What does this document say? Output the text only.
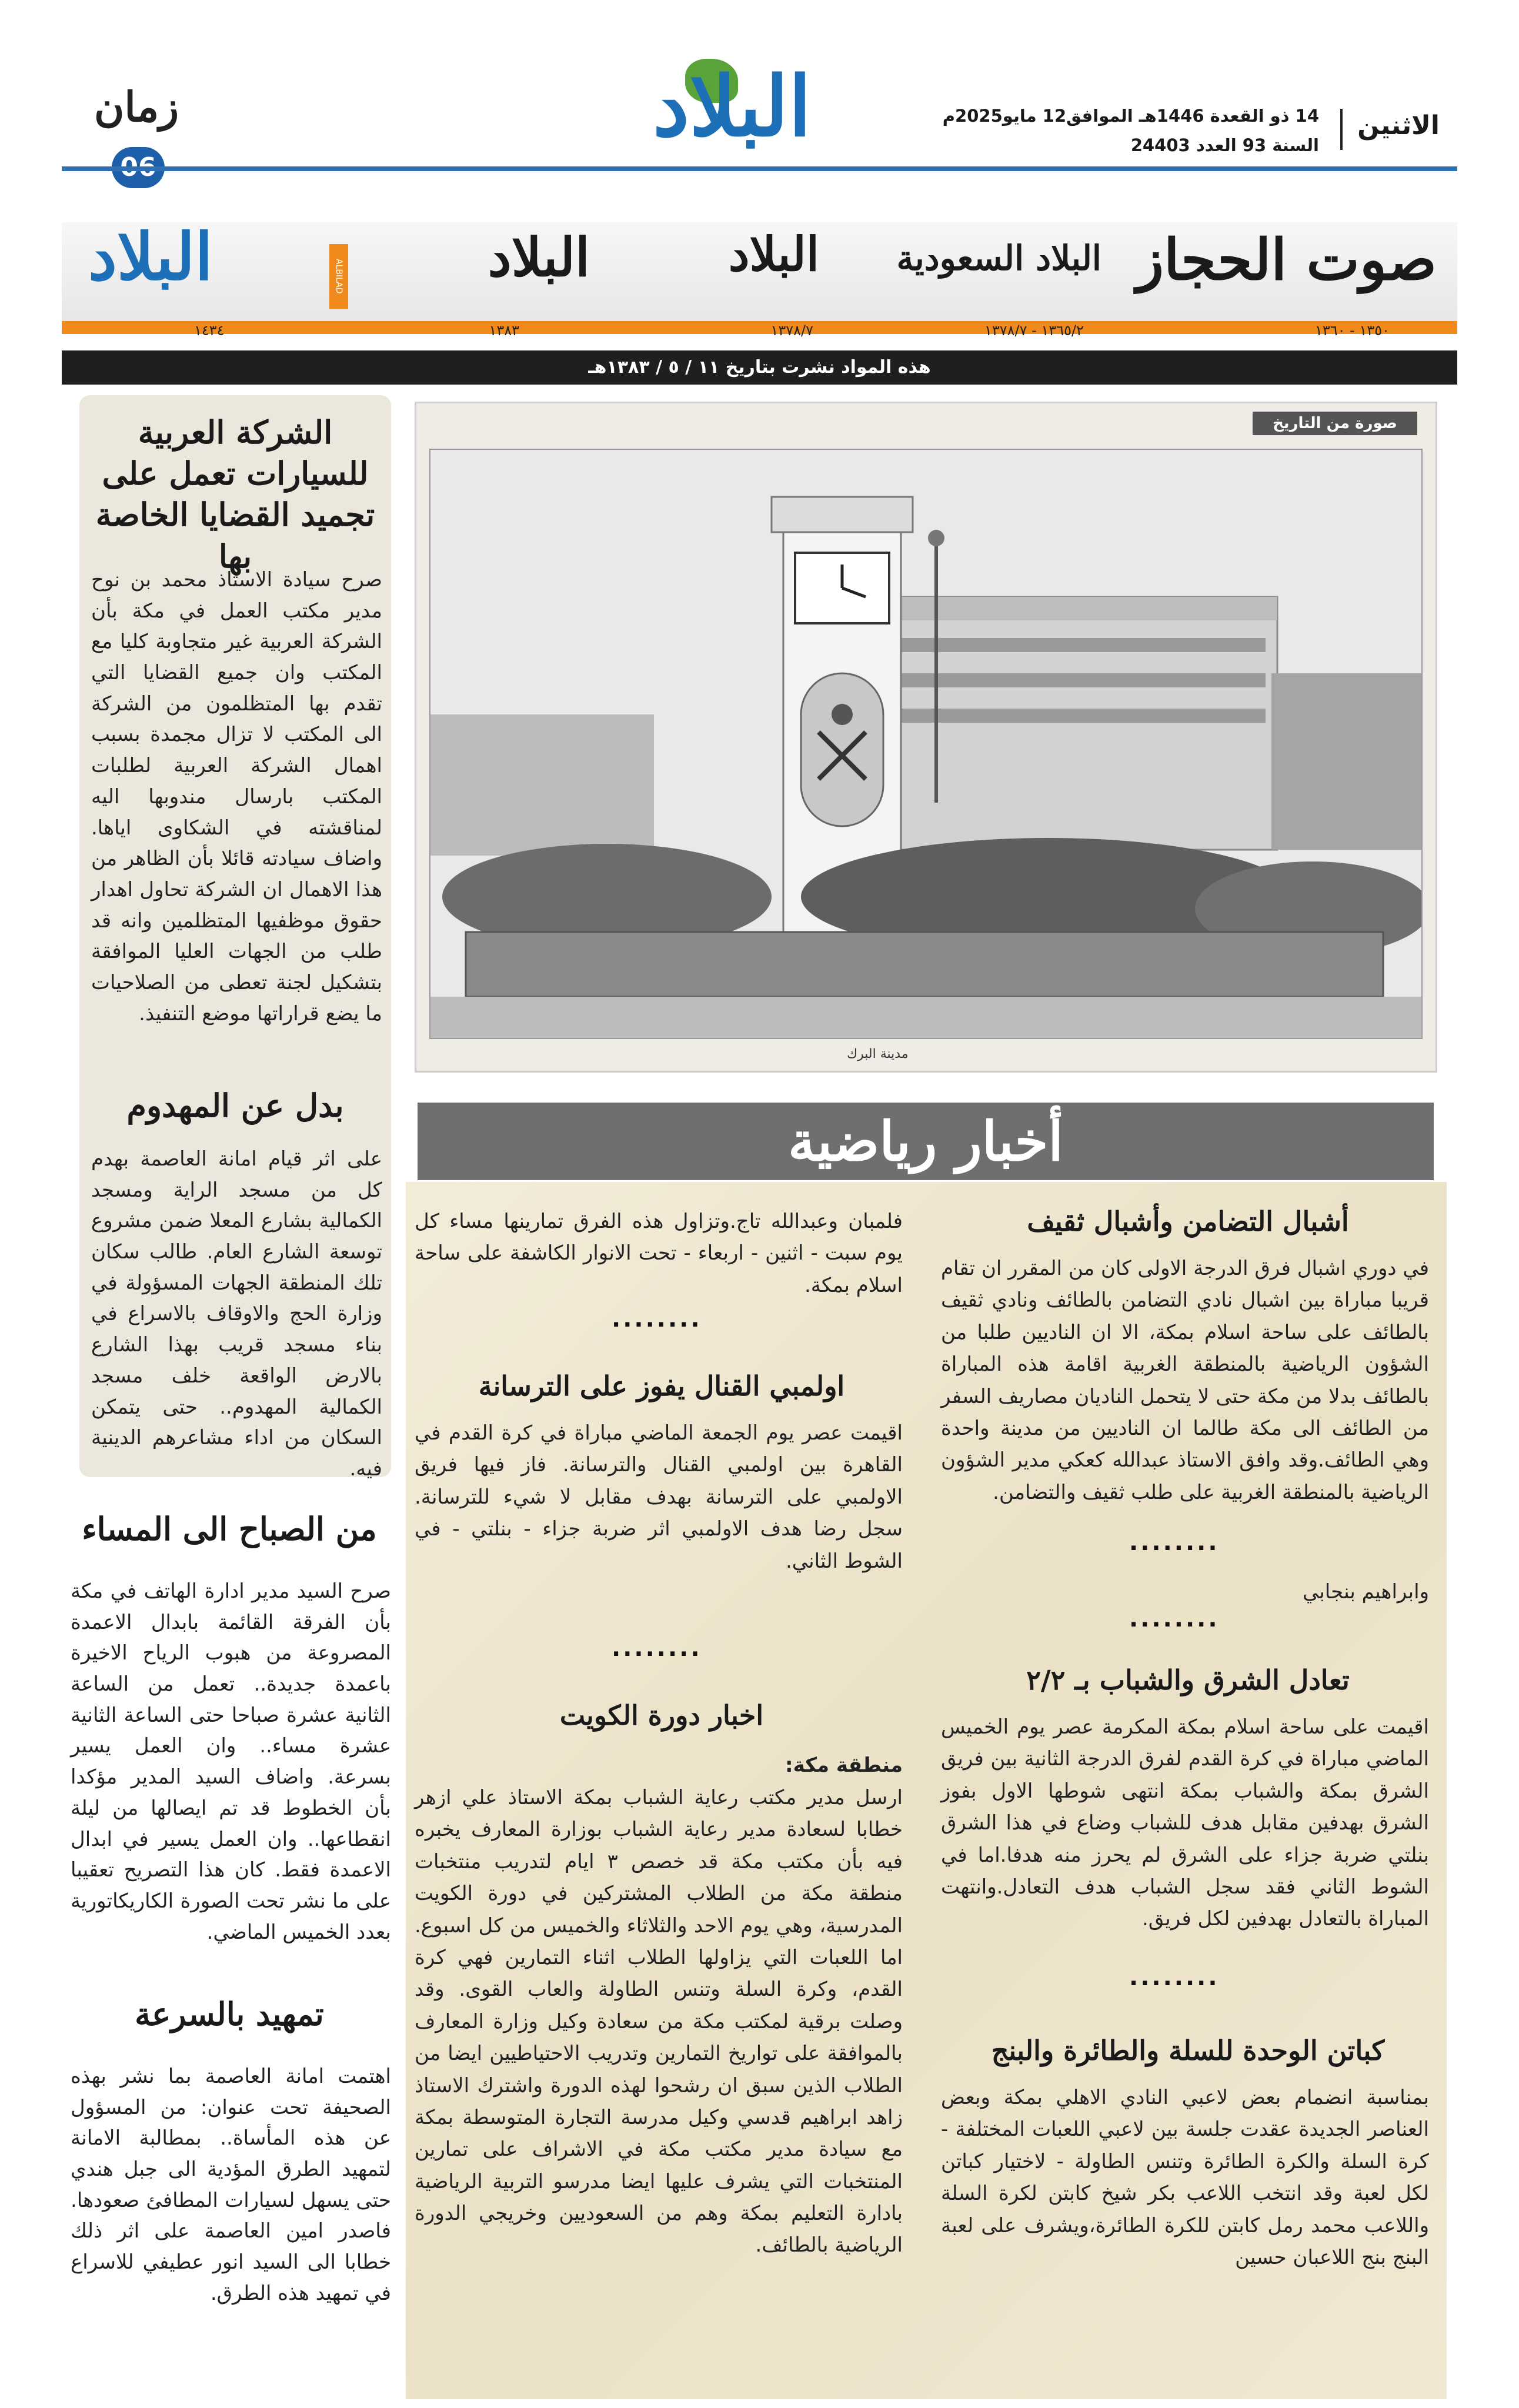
الاثنين
14 ذو القعدة 1446هـ الموافق12 مايو2025م
السنة 93 العدد 24403
البلاد
زمان
صوت الحجاز
البلاد السعودية
البلاد
البلاد
البلاد	ALBILAD
١٣٥٠ - ١٣٦٠
١٣٦٥/٢ - ١٣٧٨/٧
١٣٧٨/٧
١٣٨٣
١٤٣٤
هذه المواد نشرت بتاريخ ١١ / ٥ / ١٣٨٣هـ
الشركة العربية للسيارات تعمل على تجميد القضايا الخاصة بها
صرح سيادة الاستاذ محمد بن نوح مدير مكتب العمل في مكة بأن الشركة العربية غير متجاوبة كليا مع المكتب وان جميع القضايا التي تقدم بها المتظلمون من الشركة الى المكتب لا تزال مجمدة بسبب اهمال الشركة العربية لطلبات المكتب بارسال مندوبها اليه لمناقشته في الشكاوى اياها. واضاف سيادته قائلا بأن الظاهر من هذا الاهمال ان الشركة تحاول اهدار حقوق موظفيها المتظلمين وانه قد طلب من الجهات العليا الموافقة بتشكيل لجنة تعطى من الصلاحيات ما يضع قراراتها موضع التنفيذ.
بدل عن المهدوم
على اثر قيام امانة العاصمة بهدم كل من مسجد الراية ومسجد الكمالية بشارع المعلا ضمن مشروع توسعة الشارع العام. طالب سكان تلك المنطقة الجهات المسؤولة في وزارة الحج والاوقاف بالاسراع في بناء مسجد قريب بهذا الشارع بالارض الواقعة خلف مسجد الكمالية المهدوم.. حتى يتمكن السكان من اداء مشاعرهم الدينية فيه.
من الصباح الى المساء
صرح السيد مدير ادارة الهاتف في مكة بأن الفرقة القائمة بابدال الاعمدة المصروعة من هبوب الرياح الاخيرة باعمدة جديدة.. تعمل من الساعة الثانية عشرة صباحا حتى الساعة الثانية عشرة مساء.. وان العمل يسير بسرعة. واضاف السيد المدير مؤكدا بأن الخطوط قد تم ايصالها من ليلة انقطاعها.. وان العمل يسير في ابدال الاعمدة فقط. كان هذا التصريح تعقيبا على ما نشر تحت الصورة الكاريكاتورية بعدد الخميس الماضي.
تمهيد بالسرعة
اهتمت امانة العاصمة بما نشر بهذه الصحيفة تحت عنوان: من المسؤول عن هذه المأساة.. بمطالبة الامانة لتمهيد الطرق المؤدية الى جبل هندي حتى يسهل لسيارات المطافئ صعودها. فاصدر امين العاصمة على اثر ذلك خطابا الى السيد انور عطيفي للاسراع في تمهيد هذه الطرق.
صورة من التاريخ
مدينة البرك
أخبار رياضية
أشبال التضامن وأشبال ثقيف
في دوري اشبال فرق الدرجة الاولى كان من المقرر ان تقام قريبا مباراة بين اشبال نادي التضامن بالطائف ونادي ثقيف بالطائف على ساحة اسلام بمكة، الا ان الناديين طلبا من الشؤون الرياضية بالمنطقة الغربية اقامة هذه المباراة بالطائف بدلا من مكة حتى لا يتحمل الناديان مصاريف السفر من الطائف الى مكة طالما ان الناديين من مدينة واحدة وهي الطائف.وقد وافق الاستاذ عبدالله كعكي مدير الشؤون الرياضية بالمنطقة الغربية على طلب ثقيف والتضامن.
........
وابراهيم بنجابي
........
تعادل الشرق والشباب بـ ٢/٢
اقيمت على ساحة اسلام بمكة المكرمة عصر يوم الخميس الماضي مباراة في كرة القدم لفرق الدرجة الثانية بين فريق الشرق بمكة والشباب بمكة انتهى شوطها الاول بفوز الشرق بهدفين مقابل هدف للشباب وضاع في هذا الشرق بنلتي ضربة جزاء على الشرق لم يحرز منه هدفا.اما في الشوط الثاني فقد سجل الشباب هدف التعادل.وانتهت المباراة بالتعادل بهدفين لكل فريق.
........
كباتن الوحدة للسلة والطائرة والبنج
بمناسبة انضمام بعض لاعبي النادي الاهلي بمكة وبعض العناصر الجديدة عقدت جلسة بين لاعبي اللعبات المختلفة - كرة السلة والكرة الطائرة وتنس الطاولة - لاختيار كباتن لكل لعبة وقد انتخب اللاعب بكر شيخ كابتن لكرة السلة واللاعب محمد رمل كابتن للكرة الطائرة،ويشرف على لعبة البنج بنج اللاعبان حسين
فلمبان وعبدالله تاج.وتزاول هذه الفرق تمارينها مساء كل يوم سبت - اثنين - اربعاء - تحت الانوار الكاشفة على ساحة اسلام بمكة.
........
اولمبي القنال يفوز على الترسانة
اقيمت عصر يوم الجمعة الماضي مباراة في كرة القدم في القاهرة بين اولمبي القنال والترسانة. فاز فيها فريق الاولمبي على الترسانة بهدف مقابل لا شيء للترسانة. سجل رضا هدف الاولمبي اثر ضربة جزاء - بنلتي - في الشوط الثاني.
........
اخبار دورة الكويت
منطقة مكة:
ارسل مدير مكتب رعاية الشباب بمكة الاستاذ علي ازهر خطابا لسعادة مدير رعاية الشباب بوزارة المعارف يخبره فيه بأن مكتب مكة قد خصص ٣ ايام لتدريب منتخبات منطقة مكة من الطلاب المشتركين في دورة الكويت المدرسية، وهي يوم الاحد والثلاثاء والخميس من كل اسبوع. اما اللعبات التي يزاولها الطلاب اثناء التمارين فهي كرة القدم، وكرة السلة وتنس الطاولة والعاب القوى. وقد وصلت برقية لمكتب مكة من سعادة وكيل وزارة المعارف بالموافقة على تواريخ التمارين وتدريب الاحتياطيين ايضا من الطلاب الذين سبق ان رشحوا لهذه الدورة واشترك الاستاذ زاهد ابراهيم قدسي وكيل مدرسة التجارة المتوسطة بمكة مع سيادة مدير مكتب مكة في الاشراف على تمارين المنتخبات التي يشرف عليها ايضا مدرسو التربية الرياضية بادارة التعليم بمكة وهم من السعوديين وخريجي الدورة الرياضية بالطائف.
